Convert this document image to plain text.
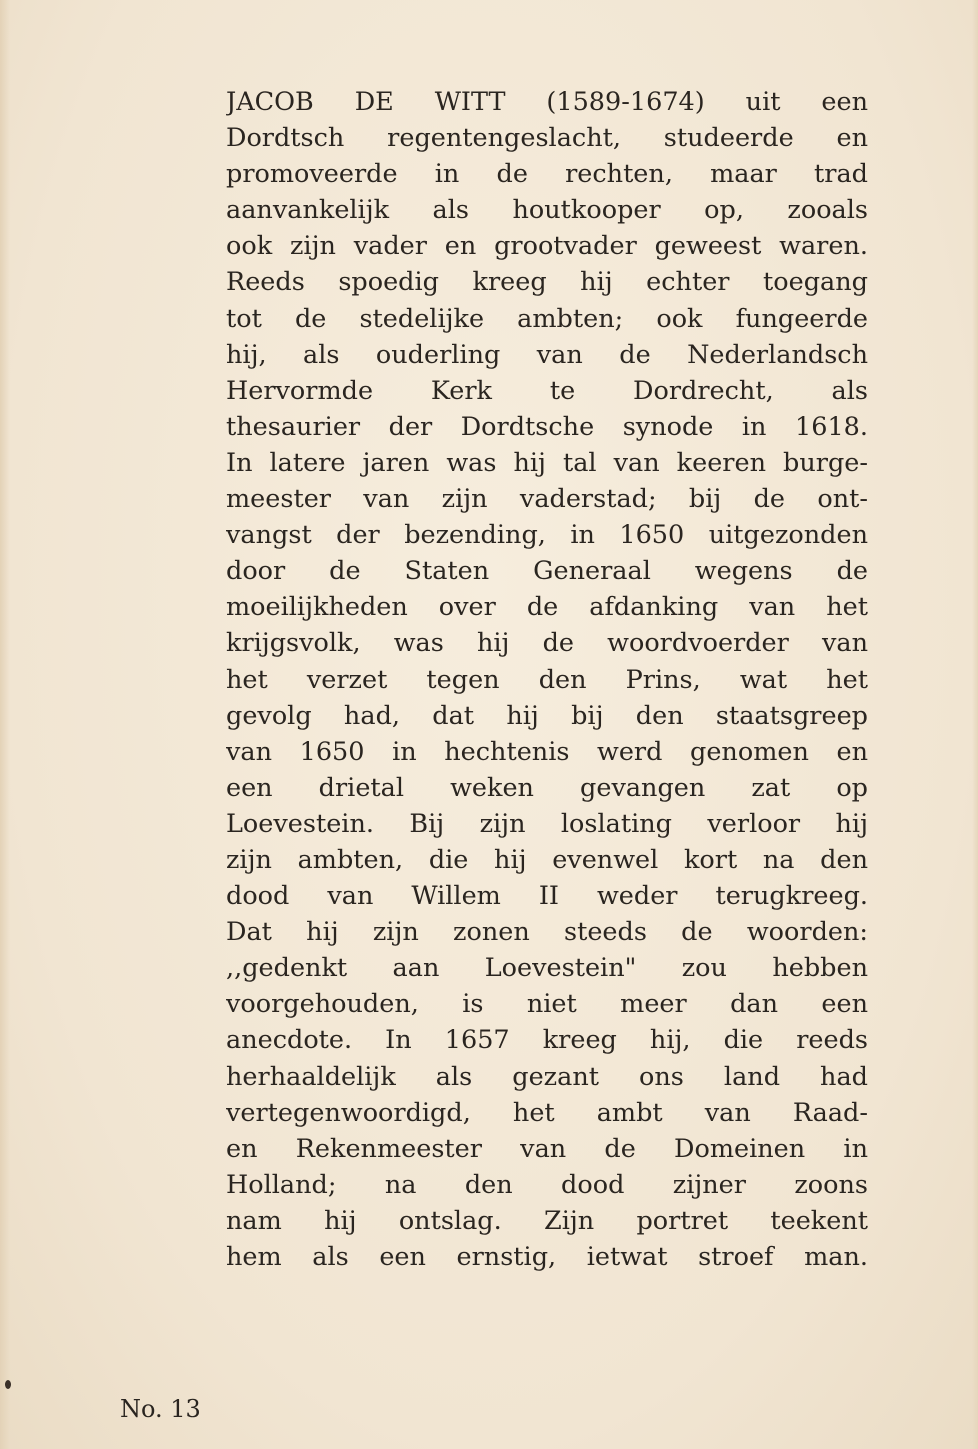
JACOB DE WITT (1589-1674) uit een
Dordtsch regentengeslacht, studeerde en
promoveerde in de rechten, maar trad
aanvankelijk als houtkooper op, zooals
ook zijn vader en grootvader geweest waren.
Reeds spoedig kreeg hij echter toegang
tot de stedelijke ambten; ook fungeerde
hij, als ouderling van de Nederlandsch
Hervormde Kerk te Dordrecht, als
thesaurier der Dordtsche synode in 1618.
In latere jaren was hij tal van keeren burge-
meester van zijn vaderstad; bij de ont-
vangst der bezending, in 1650 uitgezonden
door de Staten Generaal wegens de
moeilijkheden over de afdanking van het
krijgsvolk, was hij de woordvoerder van
het verzet tegen den Prins, wat het
gevolg had, dat hij bij den staatsgreep
van 1650 in hechtenis werd genomen en
een drietal weken gevangen zat op
Loevestein. Bij zijn loslating verloor hij
zijn ambten, die hij evenwel kort na den
dood van Willem II weder terugkreeg.
Dat hij zijn zonen steeds de woorden:
,,gedenkt aan Loevestein" zou hebben
voorgehouden, is niet meer dan een
anecdote. In 1657 kreeg hij, die reeds
herhaaldelijk als gezant ons land had
vertegenwoordigd, het ambt van Raad-
en Rekenmeester van de Domeinen in
Holland; na den dood zijner zoons
nam hij ontslag. Zijn portret teekent
hem als een ernstig, ietwat stroef man.
No. 13
